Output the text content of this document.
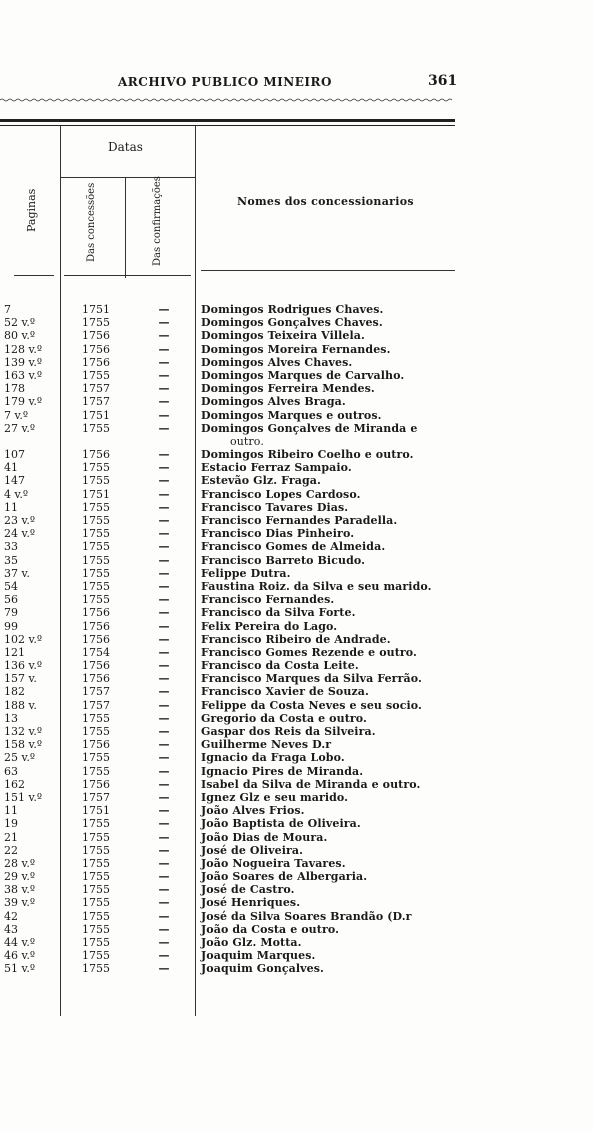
ARCHIVO PUBLICO MINEIRO	361
Datas
Paginas	Das concessões	Das confirmações	Nomes dos concessionarios
7	1751	—	Domingos Rodrigues Chaves.
52 v.º	1755	—	Domingos Gonçalves Chaves.
80 v.º	1756	—	Domingos Teixeira Villela.
128 v.º	1756	—	Domingos Moreira Fernandes.
139 v.º	1756	—	Domingos Alves Chaves.
163 v.º	1755	—	Domingos Marques de Carvalho.
178	1757	—	Domingos Ferreira Mendes.
179 v.º	1757	—	Domingos Alves Braga.
7 v.º	1751	—	Domingos Marques e outros.
27 v.º	1755	—	Domingos Gonçalves de Miranda e
outro.
107	1756	—	Domingos Ribeiro Coelho e outro.
41	1755	—	Estacio Ferraz Sampaio.
147	1755	—	Estevão Glz. Fraga.
4 v.º	1751	—	Francisco Lopes Cardoso.
11	1755	—	Francisco Tavares Dias.
23 v.º	1755	—	Francisco Fernandes Paradella.
24 v.º	1755	—	Francisco Dias Pinheiro.
33	1755	—	Francisco Gomes de Almeida.
35	1755	—	Francisco Barreto Bicudo.
37 v.	1755	—	Felippe Dutra.
54	1755	—	Faustina Roiz. da Silva e seu marido.
56	1755	—	Francisco Fernandes.
79	1756	—	Francisco da Silva Forte.
99	1756	—	Felix Pereira do Lago.
102 v.º	1756	—	Francisco Ribeiro de Andrade.
121	1754	—	Francisco Gomes Rezende e outro.
136 v.º	1756	—	Francisco da Costa Leite.
157 v.	1756	—	Francisco Marques da Silva Ferrão.
182	1757	—	Francisco Xavier de Souza.
188 v.	1757	—	Felippe da Costa Neves e seu socio.
13	1755	—	Gregorio da Costa e outro.
132 v.º	1755	—	Gaspar dos Reis da Silveira.
158 v.º	1756	—	Guilherme Neves D.r
25 v.º	1755	—	Ignacio da Fraga Lobo.
63	1755	—	Ignacio Pires de Miranda.
162	1756	—	Isabel da Silva de Miranda e outro.
151 v.º	1757	—	Ignez Glz e seu marido.
11	1751	—	João Alves Frios.
19	1755	—	João Baptista de Oliveira.
21	1755	—	João Dias de Moura.
22	1755	—	José de Oliveira.
28 v.º	1755	—	João Nogueira Tavares.
29 v.º	1755	—	João Soares de Albergaria.
38 v.º	1755	—	José de Castro.
39 v.º	1755	—	José Henriques.
42	1755	—	José da Silva Soares Brandão (D.r
43	1755	—	João da Costa e outro.
44 v.º	1755	—	João Glz. Motta.
46 v.º	1755	—	Joaquim Marques.
51 v.º	1755	—	Joaquim Gonçalves.
